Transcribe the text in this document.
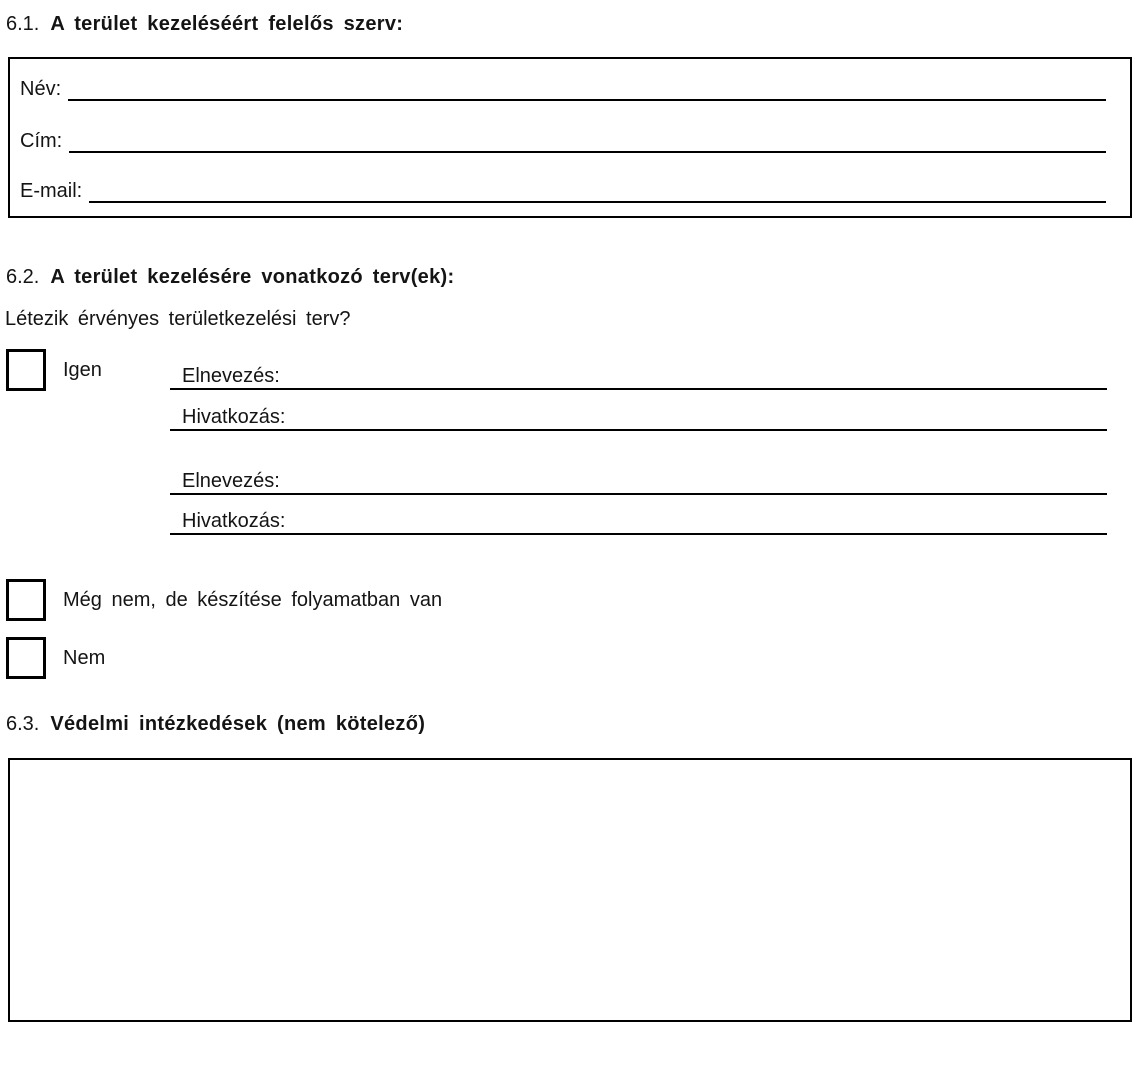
6.1. A terület kezeléséért felelős szerv:
Név:
Cím:
E-mail:
6.2. A terület kezelésére vonatkozó terv(ek):
Létezik érvényes területkezelési terv?
Igen	Elnevezés:
Hivatkozás:
Elnevezés:
Hivatkozás:
Még nem, de készítése folyamatban van
Nem
6.3. Védelmi intézkedések (nem kötelező)
